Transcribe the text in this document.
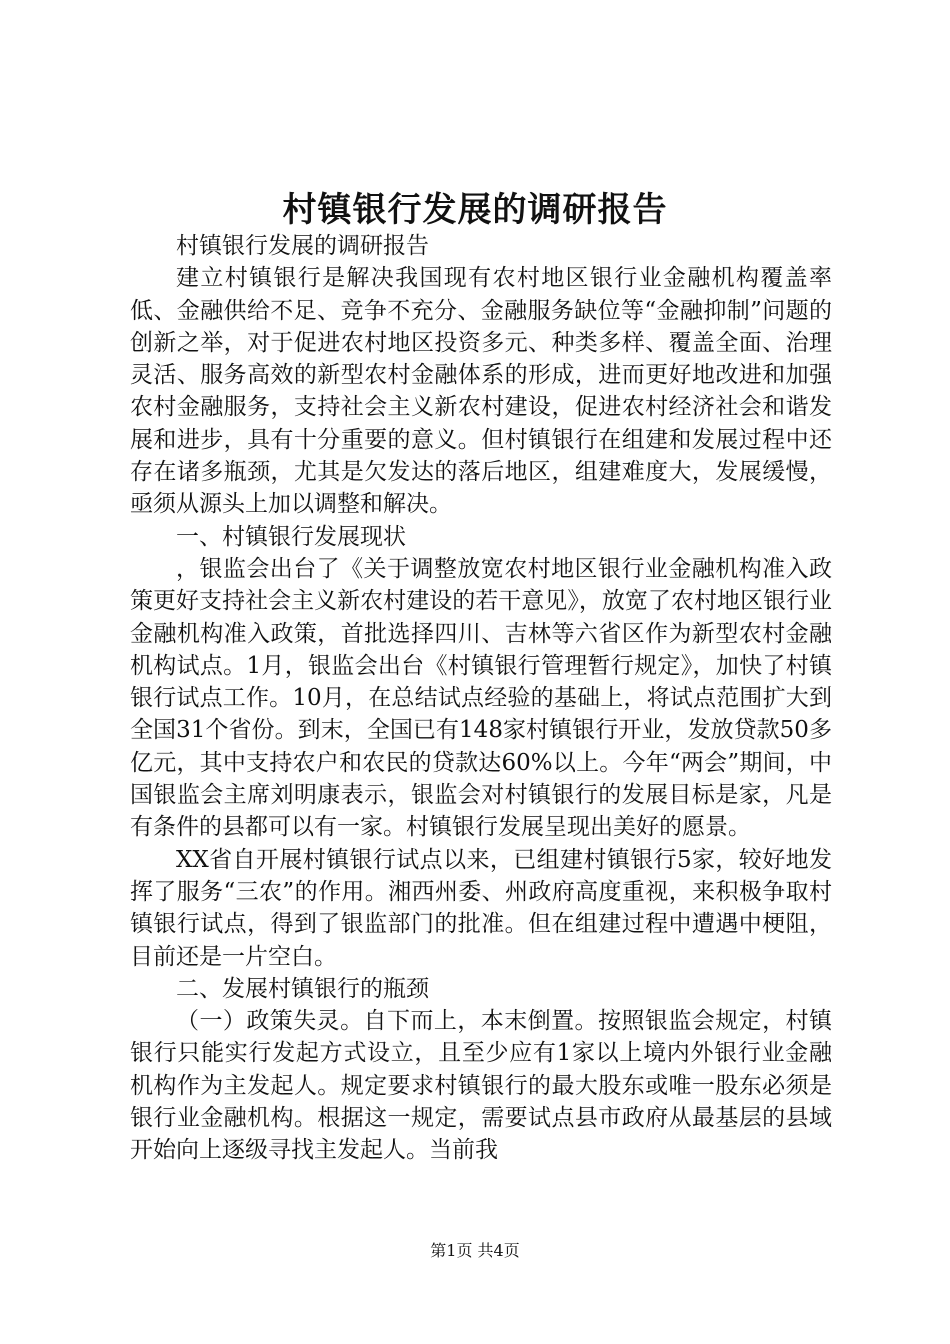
村镇银行发展的调研报告

村镇银行发展的调研报告

建立村镇银行是解决我国现有农村地区银行业金融机构覆盖率低、金融供给不足、竞争不充分、金融服务缺位等“金融抑制”问题的创新之举，对于促进农村地区投资多元、种类多样、覆盖全面、治理灵活、服务高效的新型农村金融体系的形成，进而更好地改进和加强农村金融服务，支持社会主义新农村建设，促进农村经济社会和谐发展和进步，具有十分重要的意义。但村镇银行在组建和发展过程中还存在诸多瓶颈，尤其是欠发达的落后地区，组建难度大，发展缓慢，亟须从源头上加以调整和解决。

一、村镇银行发展现状

，银监会出台了《关于调整放宽农村地区银行业金融机构准入政策更好支持社会主义新农村建设的若干意见》，放宽了农村地区银行业金融机构准入政策，首批选择四川、吉林等六省区作为新型农村金融机构试点。1月，银监会出台《村镇银行管理暂行规定》，加快了村镇银行试点工作。10月，在总结试点经验的基础上，将试点范围扩大到全国31个省份。到末，全国已有148家村镇银行开业，发放贷款50多亿元，其中支持农户和农民的贷款达60%以上。今年“两会”期间，中国银监会主席刘明康表示，银监会对村镇银行的发展目标是家，凡是有条件的县都可以有一家。村镇银行发展呈现出美好的愿景。

XX省自开展村镇银行试点以来，已组建村镇银行5家，较好地发挥了服务“三农”的作用。湘西州委、州政府高度重视，来积极争取村镇银行试点，得到了银监部门的批准。但在组建过程中遭遇中梗阻，目前还是一片空白。

二、发展村镇银行的瓶颈

（一）政策失灵。自下而上，本末倒置。按照银监会规定，村镇银行只能实行发起方式设立，且至少应有1家以上境内外银行业金融机构作为主发起人。规定要求村镇银行的最大股东或唯一股东必须是银行业金融机构。根据这一规定，需要试点县市政府从最基层的县域开始向上逐级寻找主发起人。当前我

第1页 共4页
